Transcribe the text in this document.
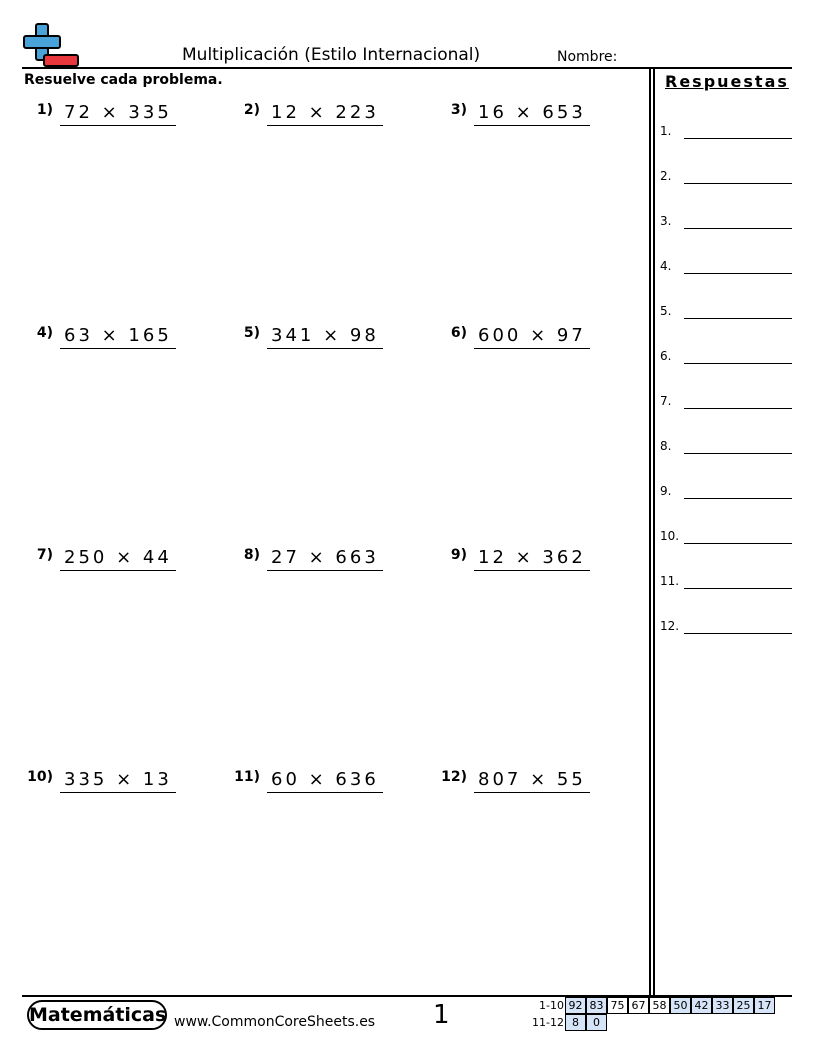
Multiplicación (Estilo Internacional)	Nombre:
Resuelve cada problema.	Respuestas
1.
2.
3.
4.
5.
6.
7.
8.
9.
10.
11.
12.
1) 72 × 335	2) 12 × 223	3) 16 × 653
4) 63 × 165	5) 341 × 98	6) 600 × 97
7) 250 × 44	8) 27 × 663	9) 12 × 362
10) 335 × 13	11) 60 × 636	12) 807 × 55
Matemáticas www.CommonCoreSheets.es 1	1-10 92 83 75 67 58 50 42 33 25 17
11-12 8	0
